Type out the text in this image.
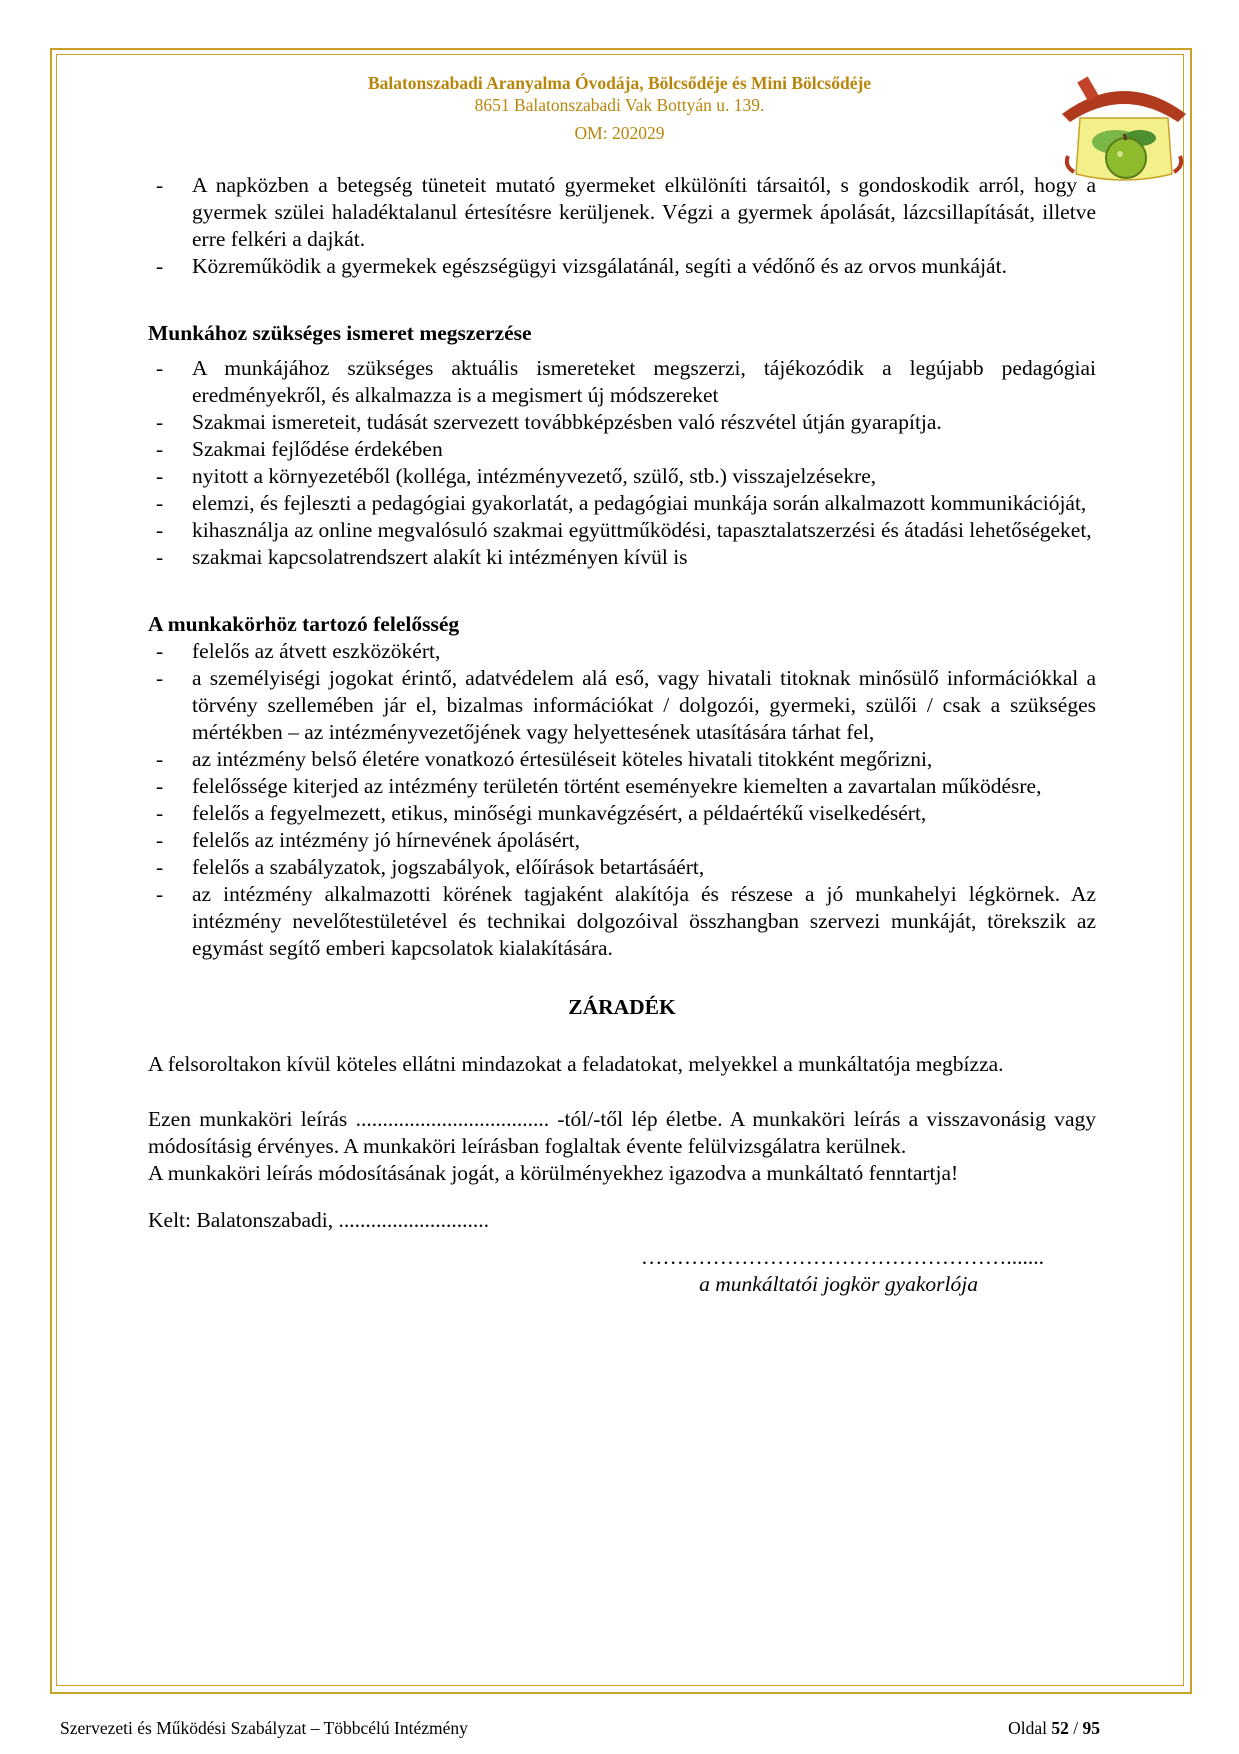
Balatonszabadi Aranyalma Óvodája, Bölcsődéje és Mini Bölcsődéje
8651 Balatonszabadi Vak Bottyán u. 139.
OM: 202029
- A napközben a betegség tüneteit mutató gyermeket elkülöníti társaitól, s gondoskodik arról, hogy a gyermek szülei haladéktalanul értesítésre kerüljenek. Végzi a gyermek ápolását, lázcsillapítását, illetve erre felkéri a dajkát.
- Közreműködik a gyermekek egészségügyi vizsgálatánál, segíti a védőnő és az orvos munkáját.

Munkához szükséges ismeret megszerzése

- A munkájához szükséges aktuális ismereteket megszerzi, tájékozódik a legújabb pedagógiai eredményekről, és alkalmazza is a megismert új módszereket
- Szakmai ismereteit, tudását szervezett továbbképzésben való részvétel útján gyarapítja.
- Szakmai fejlődése érdekében
- nyitott a környezetéből (kolléga, intézményvezető, szülő, stb.) visszajelzésekre,
- elemzi, és fejleszti a pedagógiai gyakorlatát, a pedagógiai munkája során alkalmazott kommunikációját,
- kihasználja az online megvalósuló szakmai együttműködési, tapasztalatszerzési és átadási lehetőségeket,
- szakmai kapcsolatrendszert alakít ki intézményen kívül is

A munkakörhöz tartozó felelősség

- felelős az átvett eszközökért,
- a személyiségi jogokat érintő, adatvédelem alá eső, vagy hivatali titoknak minősülő információkkal a törvény szellemében jár el, bizalmas információkat / dolgozói, gyermeki, szülői / csak a szükséges mértékben – az intézményvezetőjének vagy helyettesének utasítására tárhat fel,
- az intézmény belső életére vonatkozó értesüléseit köteles hivatali titokként megőrizni,
- felelőssége kiterjed az intézmény területén történt eseményekre kiemelten a zavartalan működésre,
- felelős a fegyelmezett, etikus, minőségi munkavégzésért, a példaértékű viselkedésért,
- felelős az intézmény jó hírnevének ápolásért,
- felelős a szabályzatok, jogszabályok, előírások betartásáért,
- az intézmény alkalmazotti körének tagjaként alakítója és részese a jó munkahelyi légkörnek. Az intézmény nevelőtestületével és technikai dolgozóival összhangban szervezi munkáját, törekszik az egymást segítő emberi kapcsolatok kialakítására.

ZÁRADÉK

A felsoroltakon kívül köteles ellátni mindazokat a feladatokat, melyekkel a munkáltatója megbízza.

Ezen munkaköri leírás .................................... -tól/-től lép életbe. A munkaköri leírás a visszavonásig vagy módosításig érvényes. A munkaköri leírásban foglaltak évente felülvizsgálatra kerülnek.

A munkaköri leírás módosításának jogát, a körülményekhez igazodva a munkáltató fenntartja!

Kelt: Balatonszabadi, ............................

…………………………………………….......
a munkáltatói jogkör gyakorlója
Szervezeti és Működési Szabályzat – Többcélú Intézmény	Oldal 52 / 95
